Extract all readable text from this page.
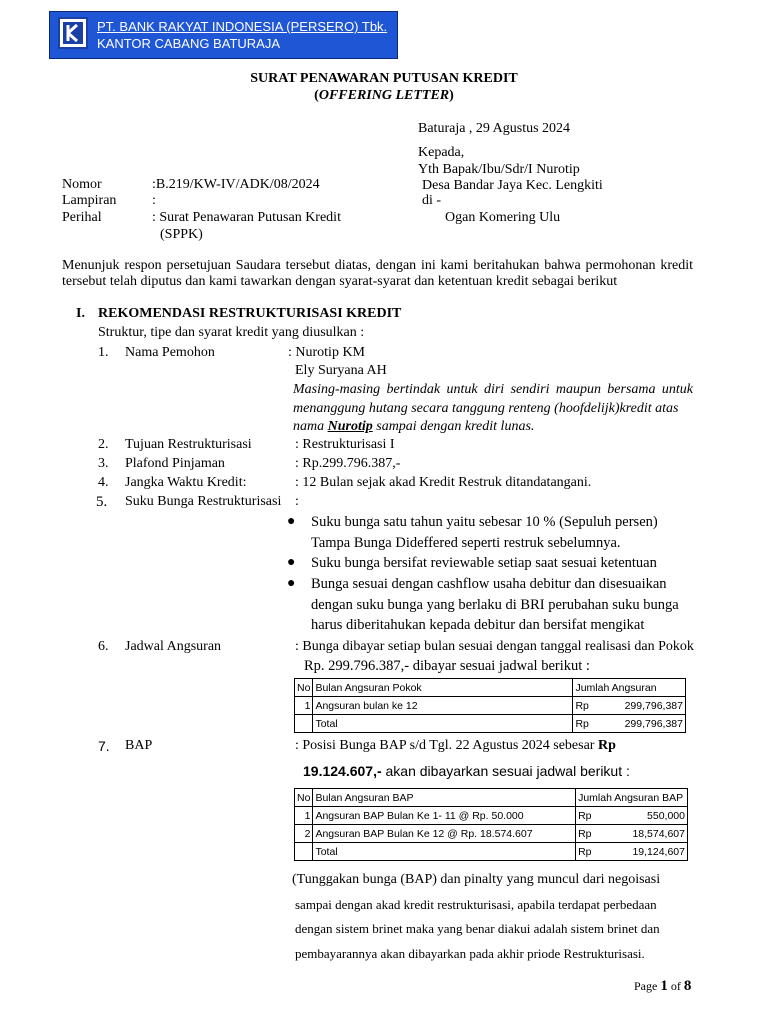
PT. BANK RAKYAT INDONESIA (PERSERO) Tbk.
KANTOR CABANG BATURAJA
SURAT PENAWARAN PUTUSAN KREDIT
(OFFERING LETTER)
Baturaja , 29 Agustus 2024
Kepada,
Yth Bapak/Ibu/Sdr/I Nurotip
Desa Bandar Jaya Kec. Lengkiti
di -
Ogan Komering Ulu
Nomor	:B.219/KW-IV/ADK/08/2024
Lampiran	:
Perihal	: Surat Penawaran Putusan Kredit
(SPPK)
Menunjuk respon persetujuan Saudara tersebut diatas, dengan ini kami beritahukan bahwa permohonan kredit
tersebut telah diputus dan kami tawarkan dengan syarat-syarat dan ketentuan kredit sebagai berikut
I. REKOMENDASI RESTRUKTURISASI KREDIT
Struktur, tipe dan syarat kredit yang diusulkan :
1. Nama Pemohon	: Nurotip KM
Ely Suryana AH
Masing-masing bertindak untuk diri sendiri maupun bersama untuk
menanggung hutang secara tanggung renteng (hoofdelijk)kredit atas
nama Nurotip sampai dengan kredit lunas.
2. Tujuan Restrukturisasi	: Restrukturisasi I
3. Plafond Pinjaman	: Rp.299.796.387,-
4. Jangka Waktu Kredit:	: 12 Bulan sejak akad Kredit Restruk ditandatangani.
5. Suku Bunga Restrukturisasi :
● Suku bunga satu tahun yaitu sebesar 10 % (Sepuluh persen)
Tampa Bunga Dideffered seperti restruk sebelumnya.
● Suku bunga bersifat reviewable setiap saat sesuai ketentuan
● Bunga sesuai dengan cashflow usaha debitur dan disesuaikan
dengan suku bunga yang berlaku di BRI perubahan suku bunga
harus diberitahukan kepada debitur dan bersifat mengikat
6. Jadwal Angsuran	: Bunga dibayar setiap bulan sesuai dengan tanggal realisasi dan Pokok
Rp. 299.796.387,- dibayar sesuai jadwal berikut :
No	Bulan Angsuran Pokok	Jumlah Angsuran	
1	Angsuran bulan ke 12	Rp	299,796,387
	Total	Rp	299,796,387
7. BAP	: Posisi Bunga BAP s/d Tgl. 22 Agustus 2024 sebesar Rp
19.124.607,- akan dibayarkan sesuai jadwal berikut :
No	Bulan Angsuran BAP	Jumlah Angsuran BAP	
1	Angsuran BAP Bulan Ke 1- 11 @ Rp. 50.000	Rp	550,000
2	Angsuran BAP Bulan Ke 12 @ Rp. 18.574.607	Rp	18,574,607
	Total	Rp	19,124,607
(Tunggakan bunga (BAP) dan pinalty yang muncul dari negoisasi
sampai dengan akad kredit restrukturisasi, apabila terdapat perbedaan
dengan sistem brinet maka yang benar diakui adalah sistem brinet dan
pembayarannya akan dibayarkan pada akhir priode Restrukturisasi.
Page 1 of 8
